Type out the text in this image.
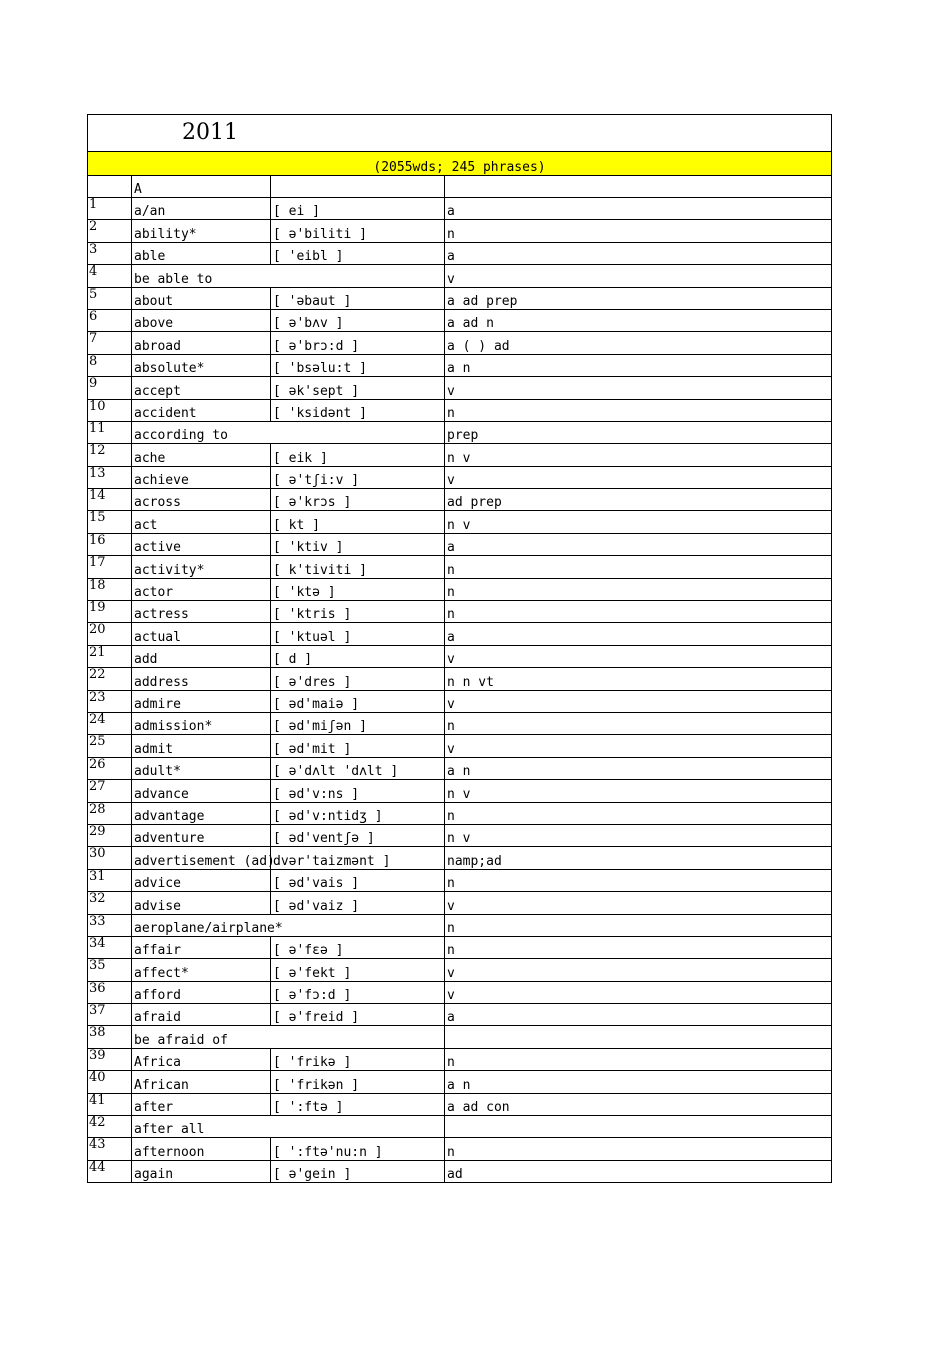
2011			
(2055wds; 245 phrases)			
	A		
1	a/an	[ ei ]	a
2	ability*	[ ə'biliti ]	n
3	able	[ 'eibl ]	a
4	be able to		v
5	about	[ 'əbaut ]	a ad prep
6	above	[ ə'bʌv ]	a ad n
7	abroad	[ ə'brɔ:d ]	a ( ) ad
8	absolute*	[ 'bsəlu:t ]	a n
9	accept	[ ək'sept ]	v
10	accident	[ 'ksidənt ]	n
11	according to		prep
12	ache	[ eik ]	n v
13	achieve	[ ə'tʃi:v ]	v
14	across	[ ə'krɔs ]	ad prep
15	act	[ kt ]	n v
16	active	[ 'ktiv ]	a
17	activity*	[ k'tiviti ]	n
18	actor	[ 'ktə ]	n
19	actress	[ 'ktris ]	n
20	actual	[ 'ktuəl ]	a
21	add	[ d ]	v
22	address	[ ə'dres ]	n n vt
23	admire	[ əd'maiə ]	v
24	admission*	[ əd'miʃən ]	n
25	admit	[ əd'mit ]	v
26	adult*	[ ə'dʌlt 'dʌlt ]	a n
27	advance	[ əd'v:ns ]	n v
28	advantage	[ əd'v:ntidʒ ]	n
29	adventure	[ əd'ventʃə ]	n v
30	advertisement (ad)	dvər'taizmənt ]	namp;ad
31	advice	[ əd'vais ]	n
32	advise	[ əd'vaiz ]	v
33	aeroplane/airplane*		n
34	affair	[ ə'fεə ]	n
35	affect*	[ ə'fekt ]	v
36	afford	[ ə'fɔ:d ]	v
37	afraid	[ ə'freid ]	a
38	be afraid of		
39	Africa	[ 'frikə ]	n
40	African	[ 'frikən ]	a n
41	after	[ ':ftə ]	a ad con
42	after all		
43	afternoon	[ ':ftə'nu:n ]	n
44	again	[ ə'gein ]	ad
